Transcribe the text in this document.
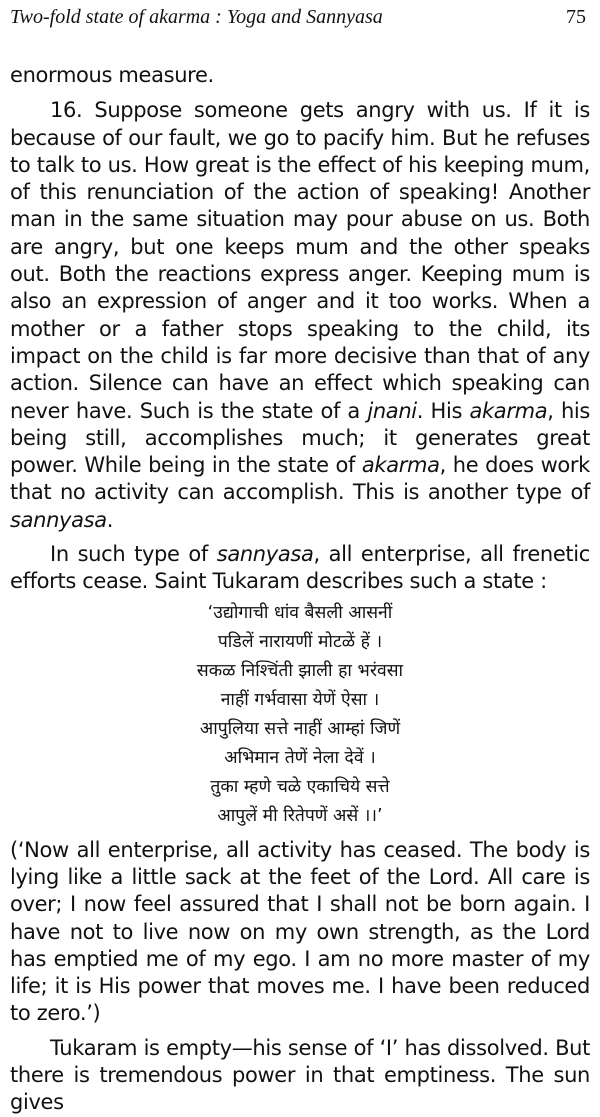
Two-fold state of akarma : Yoga and Sannyasa	75

enormous measure.

16. Suppose someone gets angry with us. If it is because of our fault, we go to pacify him. But he refuses to talk to us. How great is the effect of his keeping mum, of this renunciation of the action of speaking! Another man in the same situation may pour abuse on us. Both are angry, but one keeps mum and the other speaks out. Both the reactions express anger. Keeping mum is also an expression of anger and it too works. When a mother or a father stops speaking to the child, its impact on the child is far more decisive than that of any action. Silence can have an effect which speaking can never have. Such is the state of a jnani. His akarma, his being still, accomplishes much; it generates great power. While being in the state of akarma, he does work that no activity can accomplish. This is another type of sannyasa.

In such type of sannyasa, all enterprise, all frenetic efforts cease. Saint Tukaram describes such a state :

‘उद्योगाची धांव बैसली आसनीं
पडिलें नारायणीं मोटळें हें ।
सकळ निश्चिंती झाली हा भरंवसा
नाहीं गर्भवासा येणें ऐसा ।
आपुलिया सत्ते नाहीं आम्हां जिणें
अभिमान तेणें नेला देवें ।
तुका म्हणे चळे एकाचिये सत्ते
आपुलें मी रितेपणें असें ।।’

(‘Now all enterprise, all activity has ceased. The body is lying like a little sack at the feet of the Lord. All care is over; I now feel assured that I shall not be born again. I have not to live now on my own strength, as the Lord has emptied me of my ego. I am no more master of my life; it is His power that moves me. I have been reduced to zero.’)

Tukaram is empty—his sense of ‘I’ has dissolved. But there is tremendous power in that emptiness. The sun gives
